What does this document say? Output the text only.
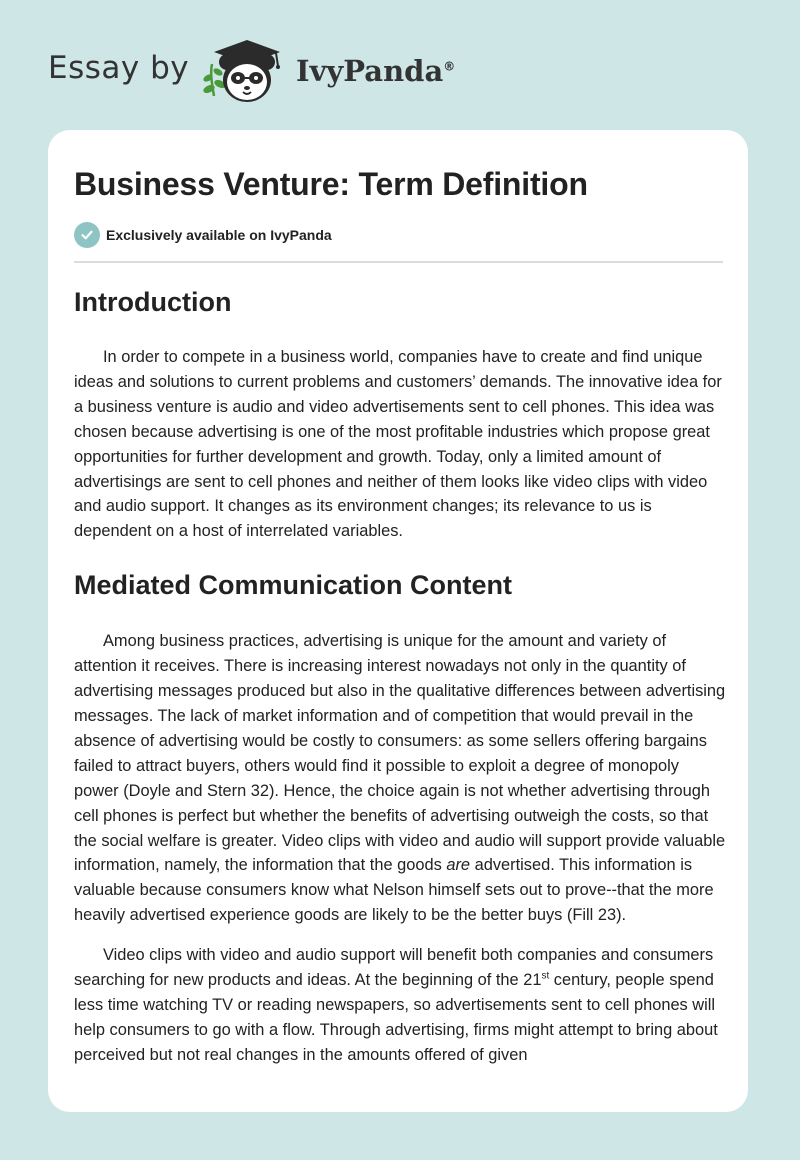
Essay by	IvyPanda®
Business Venture: Term Definition
Exclusively available on IvyPanda
Introduction

In order to compete in a business world, companies have to create and find unique ideas and solutions to current problems and customers’ demands. The innovative idea for a business venture is audio and video advertisements sent to cell phones. This idea was chosen because advertising is one of the most profitable industries which propose great opportunities for further development and growth. Today, only a limited amount of advertisings are sent to cell phones and neither of them looks like video clips with video and audio support. It changes as its environment changes; its relevance to us is dependent on a host of interrelated variables.

Mediated Communication Content

Among business practices, advertising is unique for the amount and variety of attention it receives. There is increasing interest nowadays not only in the quantity of advertising messages produced but also in the qualitative differences between advertising messages. The lack of market information and of competition that would prevail in the absence of advertising would be costly to consumers: as some sellers offering bargains failed to attract buyers, others would find it possible to exploit a degree of monopoly power (Doyle and Stern 32). Hence, the choice again is not whether advertising through cell phones is perfect but whether the benefits of advertising outweigh the costs, so that the social welfare is greater. Video clips with video and audio will support provide valuable information, namely, the information that the goods are advertised. This information is valuable because consumers know what Nelson himself sets out to prove--that the more heavily advertised experience goods are likely to be the better buys (Fill 23).

Video clips with video and audio support will benefit both companies and consumers searching for new products and ideas. At the beginning of the 21st century, people spend less time watching TV or reading newspapers, so advertisements sent to cell phones will help consumers to go with a flow. Through advertising, firms might attempt to bring about perceived but not real changes in the amounts offered of given
